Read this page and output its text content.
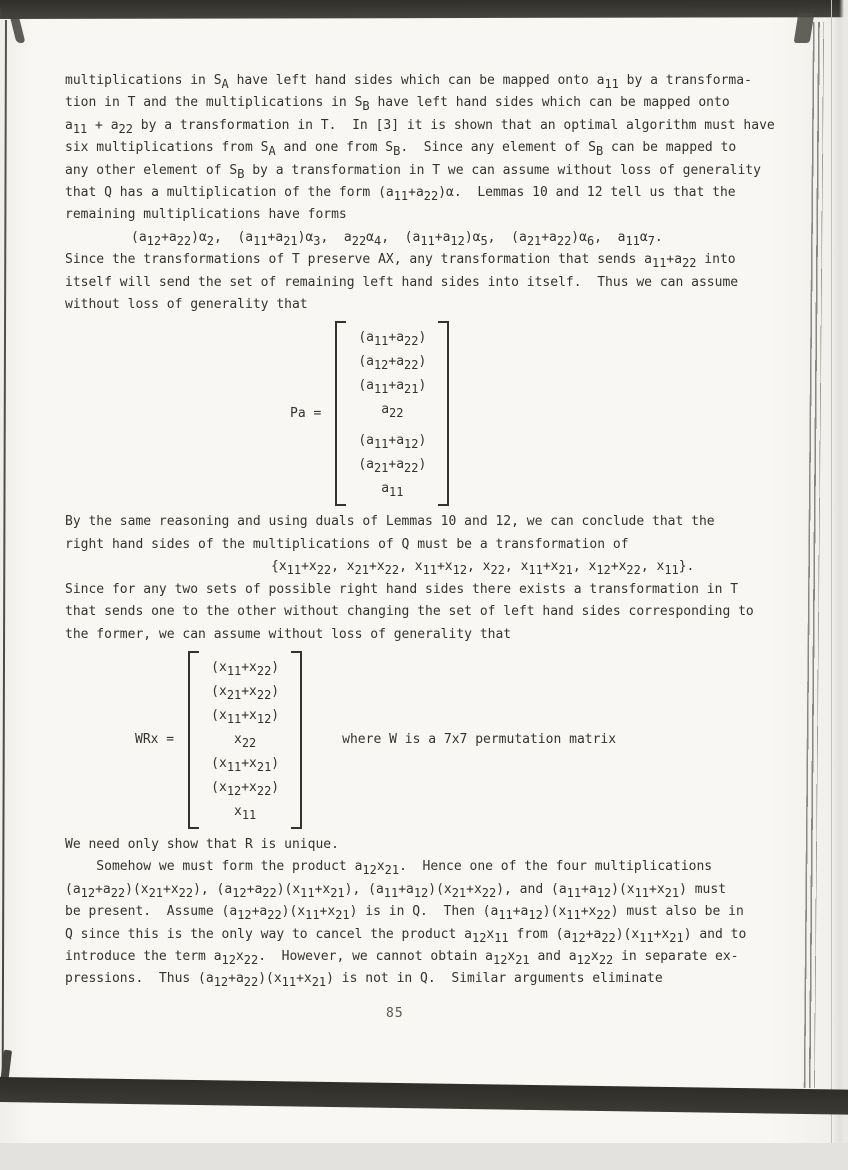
multiplications in $S_A$ have left hand sides which can be mapped onto $a_{11}$ by a transforma-
tion in T and the multiplications in $S_B$ have left hand sides which can be mapped onto
$a_{11} + a_{22}$ by a transformation in T.  In [3] it is shown that an optimal algorithm must have
six multiplications from $S_A$ and one from $S_B$.  Since any element of $S_B$ can be mapped to
any other element of $S_B$ by a transformation in T we can assume without loss of generality
that Q has a multiplication of the form $(a_{11}+a_{22})\alpha$.  Lemmas 10 and 12 tell us that the
remaining multiplications have forms
$(a_{12}+a_{22})\alpha_2$,  $(a_{11}+a_{21})\alpha_3$,  $a_{22}\alpha_4$,  $(a_{11}+a_{12})\alpha_5$,  $(a_{21}+a_{22})\alpha_6$,  $a_{11}\alpha_7$.
Since the transformations of T preserve AX, any transformation that sends $a_{11}+a_{22}$ into
itself will send the set of remaining left hand sides into itself.  Thus we can assume
without loss of generality that
Pa =
$(a_{11}+a_{22})$
$(a_{12}+a_{22})$
$(a_{11}+a_{21})$
$a_{22}$
$(a_{11}+a_{12})$
$(a_{21}+a_{22})$
$a_{11}$
By the same reasoning and using duals of Lemmas 10 and 12, we can conclude that the
right hand sides of the multiplications of Q must be a transformation of
{$x_{11}+x_{22}$, $x_{21}+x_{22}$, $x_{11}+x_{12}$, $x_{22}$, $x_{11}+x_{21}$, $x_{12}+x_{22}$, $x_{11}$}.
Since for any two sets of possible right hand sides there exists a transformation in T
that sends one to the other without changing the set of left hand sides corresponding to
the former, we can assume without loss of generality that
WRx =
$(x_{11}+x_{22})$
$(x_{21}+x_{22})$
$(x_{11}+x_{12})$
$x_{22}$
$(x_{11}+x_{21})$
$(x_{12}+x_{22})$
$x_{11}$
where W is a 7x7 permutation matrix
We need only show that R is unique.
Somehow we must form the product $a_{12}x_{21}$.  Hence one of the four multiplications
$(a_{12}+a_{22})(x_{21}+x_{22})$, $(a_{12}+a_{22})(x_{11}+x_{21})$, $(a_{11}+a_{12})(x_{21}+x_{22})$, and $(a_{11}+a_{12})(x_{11}+x_{21})$ must
be present.  Assume $(a_{12}+a_{22})(x_{11}+x_{21})$ is in Q.  Then $(a_{11}+a_{12})(x_{11}+x_{22})$ must also be in
Q since this is the only way to cancel the product $a_{12}x_{11}$ from $(a_{12}+a_{22})(x_{11}+x_{21})$ and to
introduce the term $a_{12}x_{22}$.  However, we cannot obtain $a_{12}x_{21}$ and $a_{12}x_{22}$ in separate ex-
pressions.  Thus $(a_{12}+a_{22})(x_{11}+x_{21})$ is not in Q.  Similar arguments eliminate
85
